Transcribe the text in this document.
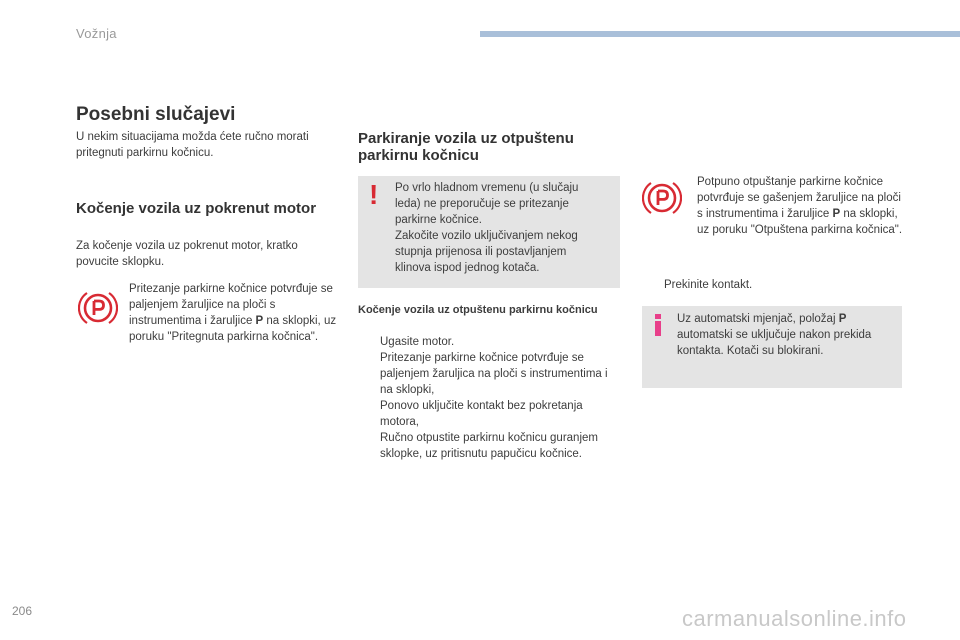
Vožnja
Posebni slučajevi
U nekim situacijama možda ćete ručno morati pritegnuti parkirnu kočnicu.
Kočenje vozila uz pokrenut motor
Za kočenje vozila uz pokrenut motor, kratko povucite sklopku.
Pritezanje parkirne kočnice potvrđuje se paljenjem žaruljice na ploči s instrumentima i žaruljice P na sklopki, uz poruku "Pritegnuta parkirna kočnica".
Parkiranje vozila uz otpuštenu parkirnu kočnicu
! Po vrlo hladnom vremenu (u slučaju leda) ne preporučuje se pritezanje parkirne kočnice.
Zakočite vozilo uključivanjem nekog stupnja prijenosa ili postavljanjem klinova ispod jednog kotača.
Kočenje vozila uz otpuštenu parkirnu kočnicu
Ugasite motor.
Pritezanje parkirne kočnice potvrđuje se paljenjem žaruljica na ploči s instrumentima i na sklopki,
Ponovo uključite kontakt bez pokretanja motora,
Ručno otpustite parkirnu kočnicu guranjem sklopke, uz pritisnutu papučicu kočnice.
Potpuno otpuštanje parkirne kočnice potvrđuje se gašenjem žaruljice na ploči s instrumentima i žaruljice P na sklopki, uz poruku "Otpuštena parkirna kočnica".
Prekinite kontakt.
Uz automatski mjenjač, položaj P automatski se uključuje nakon prekida kontakta. Kotači su blokirani.
206	carmanualsonline.info
